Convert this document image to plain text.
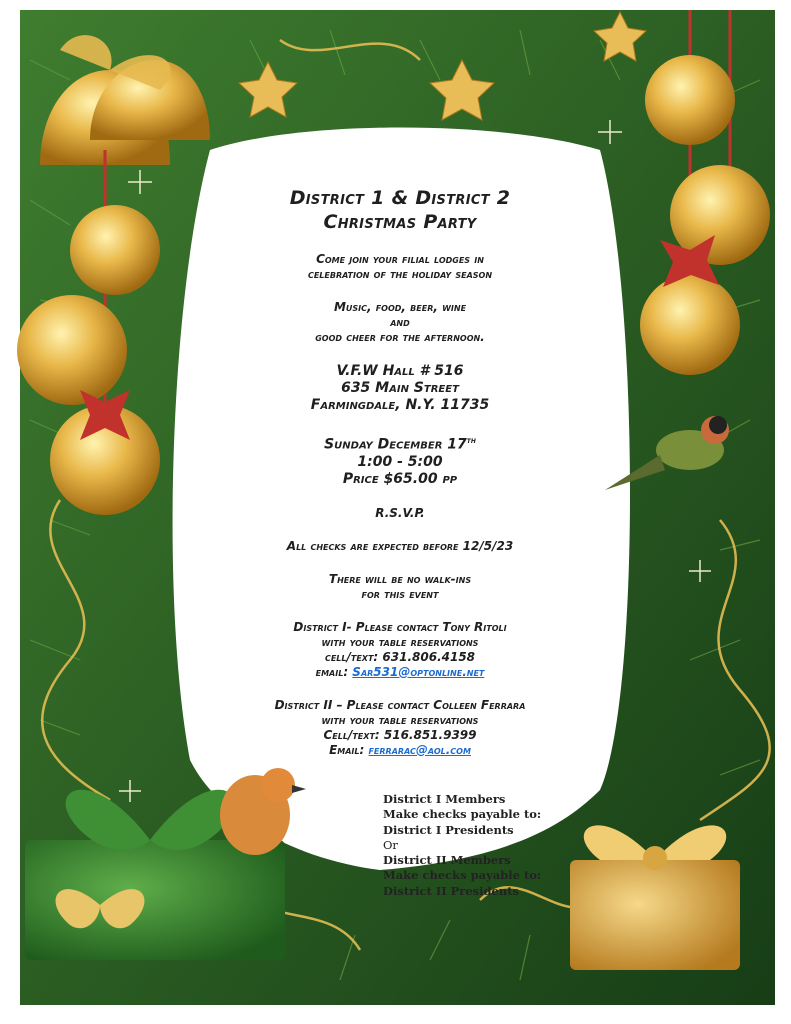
District 1 & District 2
Christmas Party
Come join your filial lodges in
celebration of the holiday season
Music, food, beer, wine
and
good cheer for the afternoon.
V.F.W Hall # 516
635 Main Street
Farmingdale, N.Y. 11735
Sunday December 17th
1:00 - 5:00
Price $65.00 pp
R.S.V.P.
All checks are expected before 12/5/23
There will be no walk-ins
for this event
District I- Please contact Tony Ritoli
with your table reservations
cell/text: 631.806.4158
email: Sar531@optonline.net
District II – Please contact Colleen Ferrara
with your table reservations
Cell/text: 516.851.9399
Email: ferrarac@aol.com
District I Members
Make checks payable to:
District I Presidents
Or
District II Members
Make checks payable to:
District II Presidents
